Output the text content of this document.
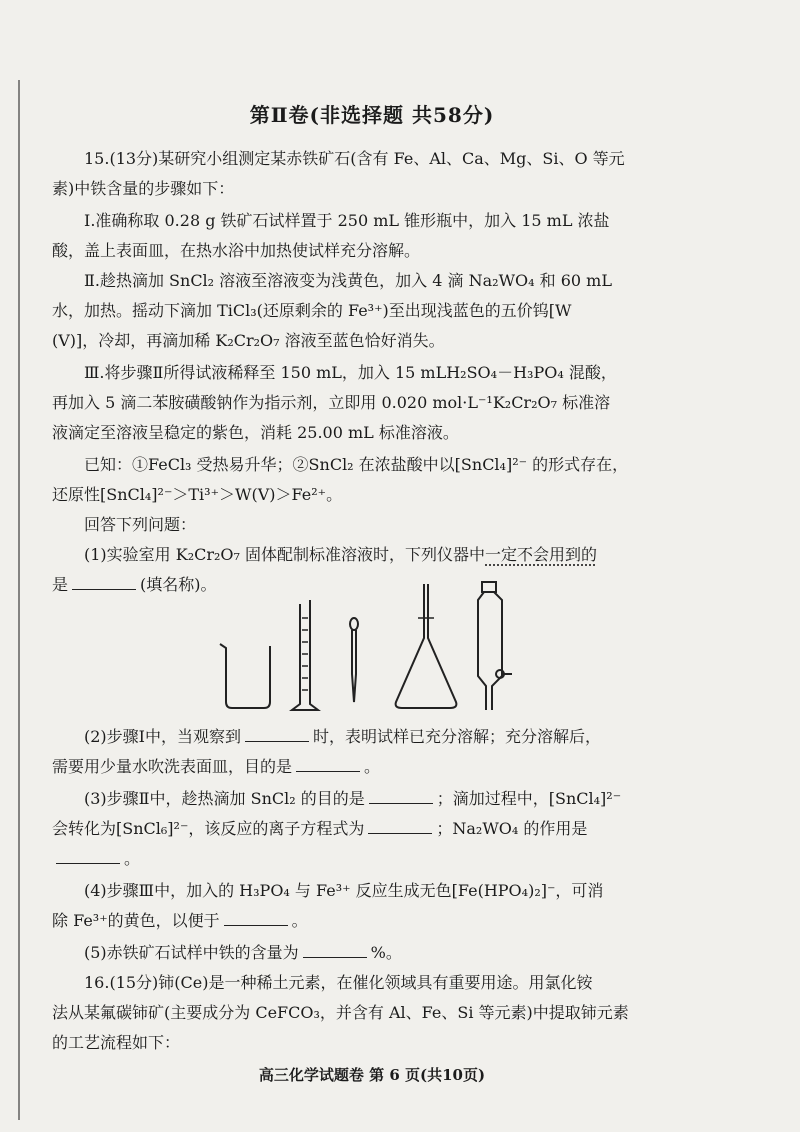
第Ⅱ卷(非选择题 共58分)
15.(13分)某研究小组测定某赤铁矿石(含有 Fe、Al、Ca、Mg、Si、O 等元
素)中铁含量的步骤如下：
Ⅰ.准确称取 0.28 g 铁矿石试样置于 250 mL 锥形瓶中，加入 15 mL 浓盐
酸，盖上表面皿，在热水浴中加热使试样充分溶解。
Ⅱ.趁热滴加 SnCl₂ 溶液至溶液变为浅黄色，加入 4 滴 Na₂WO₄ 和 60 mL
水，加热。摇动下滴加 TiCl₃(还原剩余的 Fe³⁺)至出现浅蓝色的五价钨[W
(V)]，冷却，再滴加稀 K₂Cr₂O₇ 溶液至蓝色恰好消失。
Ⅲ.将步骤Ⅱ所得试液稀释至 150 mL，加入 15 mLH₂SO₄－H₃PO₄ 混酸，
再加入 5 滴二苯胺磺酸钠作为指示剂，立即用 0.020 mol·L⁻¹K₂Cr₂O₇ 标准溶
液滴定至溶液呈稳定的紫色，消耗 25.00 mL 标准溶液。
已知：①FeCl₃ 受热易升华；②SnCl₂ 在浓盐酸中以[SnCl₄]²⁻ 的形式存在，
还原性[SnCl₄]²⁻＞Ti³⁺＞W(V)＞Fe²⁺。
回答下列问题：
(1)实验室用 K₂Cr₂O₇ 固体配制标准溶液时，下列仪器中一定不会用到的
是	(填名称)。
(2)步骤Ⅰ中，当观察到	时，表明试样已充分溶解；充分溶解后，
需要用少量水吹洗表面皿，目的是	。
(3)步骤Ⅱ中，趁热滴加 SnCl₂ 的目的是	；滴加过程中，[SnCl₄]²⁻
会转化为[SnCl₆]²⁻，该反应的离子方程式为	；Na₂WO₄ 的作用是
。
(4)步骤Ⅲ中，加入的 H₃PO₄ 与 Fe³⁺ 反应生成无色[Fe(HPO₄)₂]⁻，可消
除 Fe³⁺的黄色，以便于	。
(5)赤铁矿石试样中铁的含量为	%。
16.(15分)铈(Ce)是一种稀土元素，在催化领域具有重要用途。用氯化铵
法从某氟碳铈矿(主要成分为 CeFCO₃，并含有 Al、Fe、Si 等元素)中提取铈元素
高三化学试题卷 第 6 页(共10页)
的工艺流程如下：
